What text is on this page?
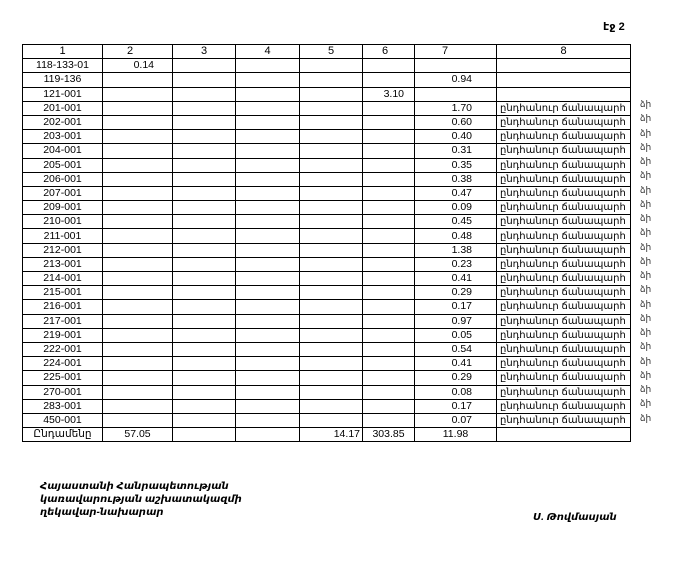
էջ 2
1	2	3	4	5	6	7	8
118-133-01	0.14						
119-136						0.94	
121-001					3.10		
201-001						1.70	ընդհանուր ճանապարհ
202-001						0.60	ընդհանուր ճանապարհ
203-001						0.40	ընդհանուր ճանապարհ
204-001						0.31	ընդհանուր ճանապարհ
205-001						0.35	ընդհանուր ճանապարհ
206-001						0.38	ընդհանուր ճանապարհ
207-001						0.47	ընդհանուր ճանապարհ
209-001						0.09	ընդհանուր ճանապարհ
210-001						0.45	ընդհանուր ճանապարհ
211-001						0.48	ընդհանուր ճանապարհ
212-001						1.38	ընդհանուր ճանապարհ
213-001						0.23	ընդհանուր ճանապարհ
214-001						0.41	ընդհանուր ճանապարհ
215-001						0.29	ընդհանուր ճանապարհ
216-001						0.17	ընդհանուր ճանապարհ
217-001						0.97	ընդհանուր ճանապարհ
219-001						0.05	ընդհանուր ճանապարհ
222-001						0.54	ընդհանուր ճանապարհ
224-001						0.41	ընդհանուր ճանապարհ
225-001						0.29	ընդհանուր ճանապարհ
270-001						0.08	ընդհանուր ճանապարհ
283-001						0.17	ընդհանուր ճանապարհ
450-001						0.07	ընդհանուր ճանապարհ
Ընդամենը	57.05			14.17	303.85	11.98	
ձի
ձի
ձի
ձի
ձի
ձի
ձի
ձի
ձի
ձի
ձի
ձի
ձի
ձի
ձի
ձի
ձի
ձի
ձի
ձի
ձի
ձի
ձի
Հայաստանի Հանրապետության
կառավարության աշխատակազմի
ղեկավար-նախարար	Ս. Թովմասյան
